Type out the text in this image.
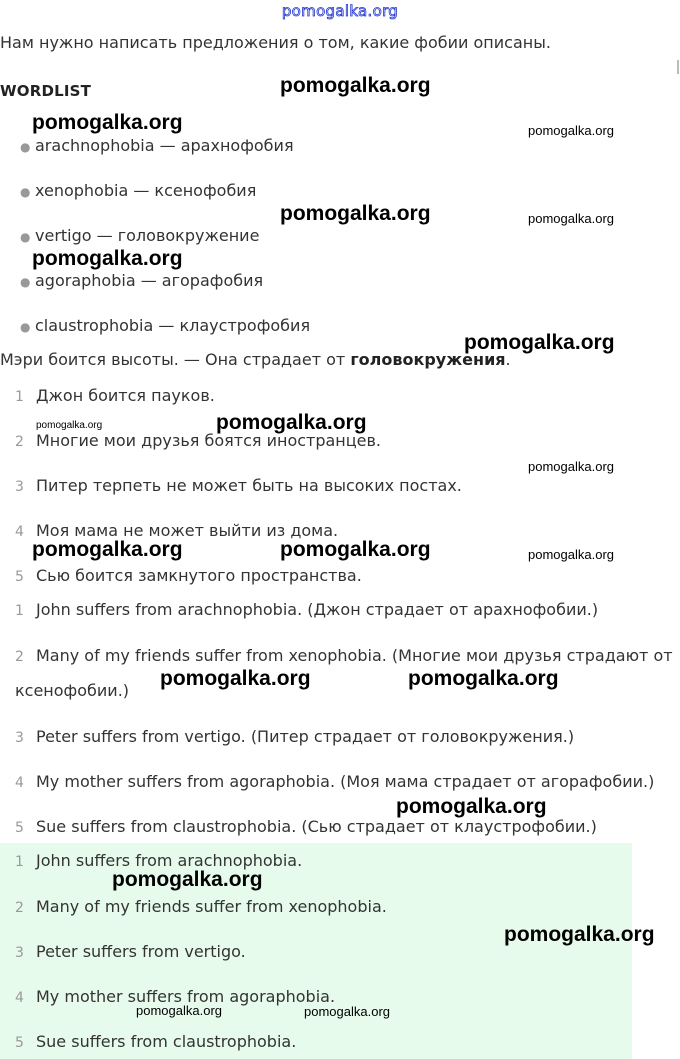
pomogalka.org
Нам нужно написать предложения о том, какие фобии описаны.
WORDLIST
● arachnophobia — арахнофобия
● xenophobia — ксенофобия
● vertigo — головокружение
● agoraphobia — агорафобия
● claustrophobia — клаустрофобия
Мэри боится высоты. — Она страдает от головокружения.
1 Джон боится пауков.
2 Многие мои друзья боятся иностранцев.
3 Питер терпеть не может быть на высоких постах.
4 Моя мама не может выйти из дома.
5 Сью боится замкнутого пространства.
1 John suffers from arachnophobia. (Джон страдает от арахнофобии.)
2 Many of my friends suffer from xenophobia. (Многие мои друзья страдают от ксенофобии.)
3 Peter suffers from vertigo. (Питер страдает от головокружения.)
4 My mother suffers from agoraphobia. (Моя мама страдает от агорафобии.)
5 Sue suffers from claustrophobia. (Сью страдает от клаустрофобии.)
1 John suffers from arachnophobia.
2 Many of my friends suffer from xenophobia.
3 Peter suffers from vertigo.
4 My mother suffers from agoraphobia.
5 Sue suffers from claustrophobia.
pomogalka.org
pomogalka.org	pomogalka.org
pomogalka.org	pomogalka.org
pomogalka.org
pomogalka.org
pomogalka.org
pomogalka.org
pomogalka.org
pomogalka.org	pomogalka.org	pomogalka.org
pomogalka.org	pomogalka.org
pomogalka.org
pomogalka.org
pomogalka.org
pomogalka.org	pomogalka.org
